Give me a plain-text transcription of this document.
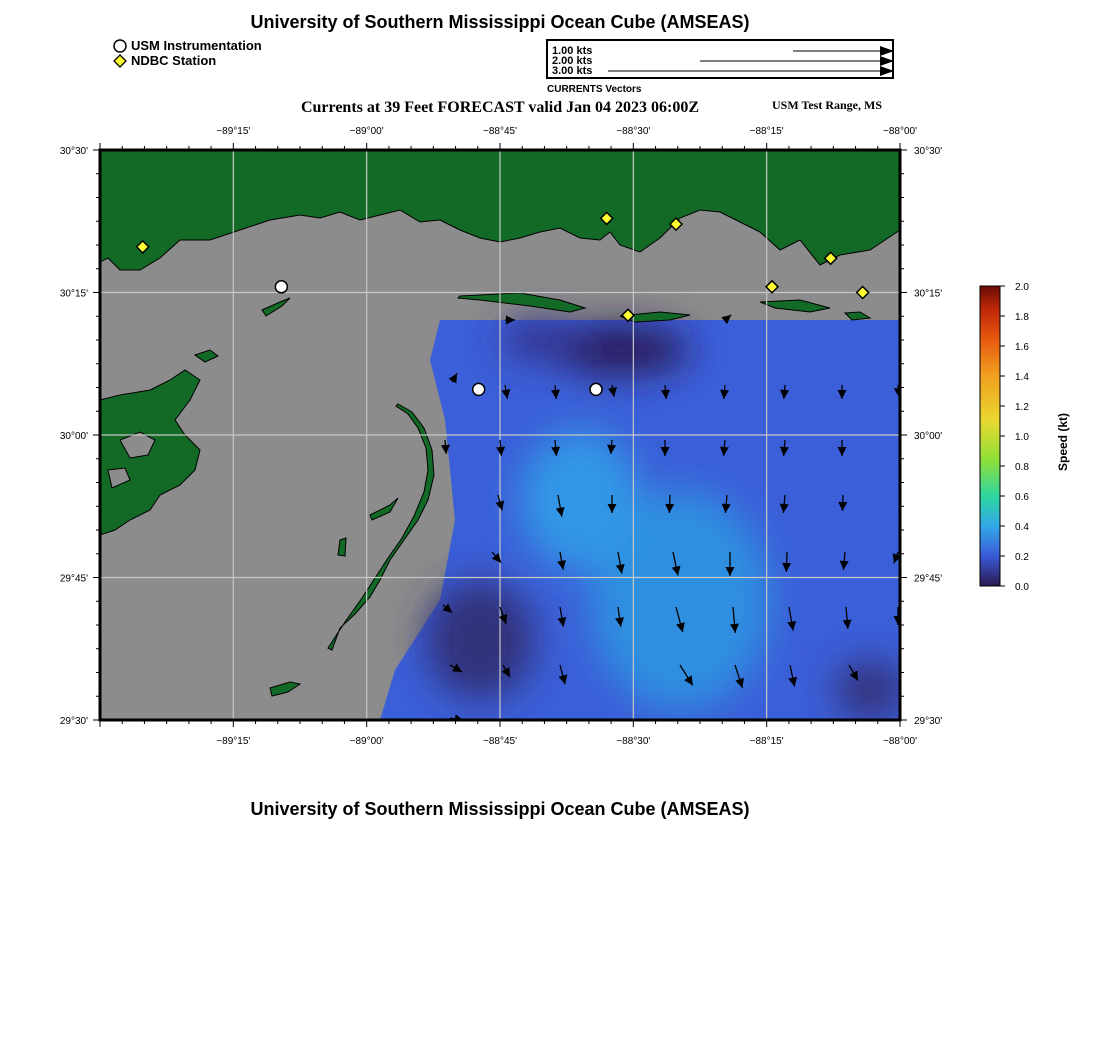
University of Southern Mississippi Ocean Cube (AMSEAS)
USM Instrumentation
NDBC Station
1.00 kts
2.00 kts
3.00 kts
CURRENTS Vectors
Currents at 39 Feet FORECAST valid Jan 04 2023 06:00Z	USM Test Range, MS
−89°15'
−89°15'
−89°00'
−89°00'
−88°45'
−88°45'
−88°30'
−88°30'
−88°15'
−88°15'
−88°00'
−88°00'
30°30'	30°30'
30°15'	30°15'
30°00'	30°00'
29°45'	29°45'
29°30'	29°30'
0.0
0.2
0.4
0.6
0.8
1.0
1.2
1.4
1.6
1.8
2.0
Speed (kt)
University of Southern Mississippi Ocean Cube (AMSEAS)
